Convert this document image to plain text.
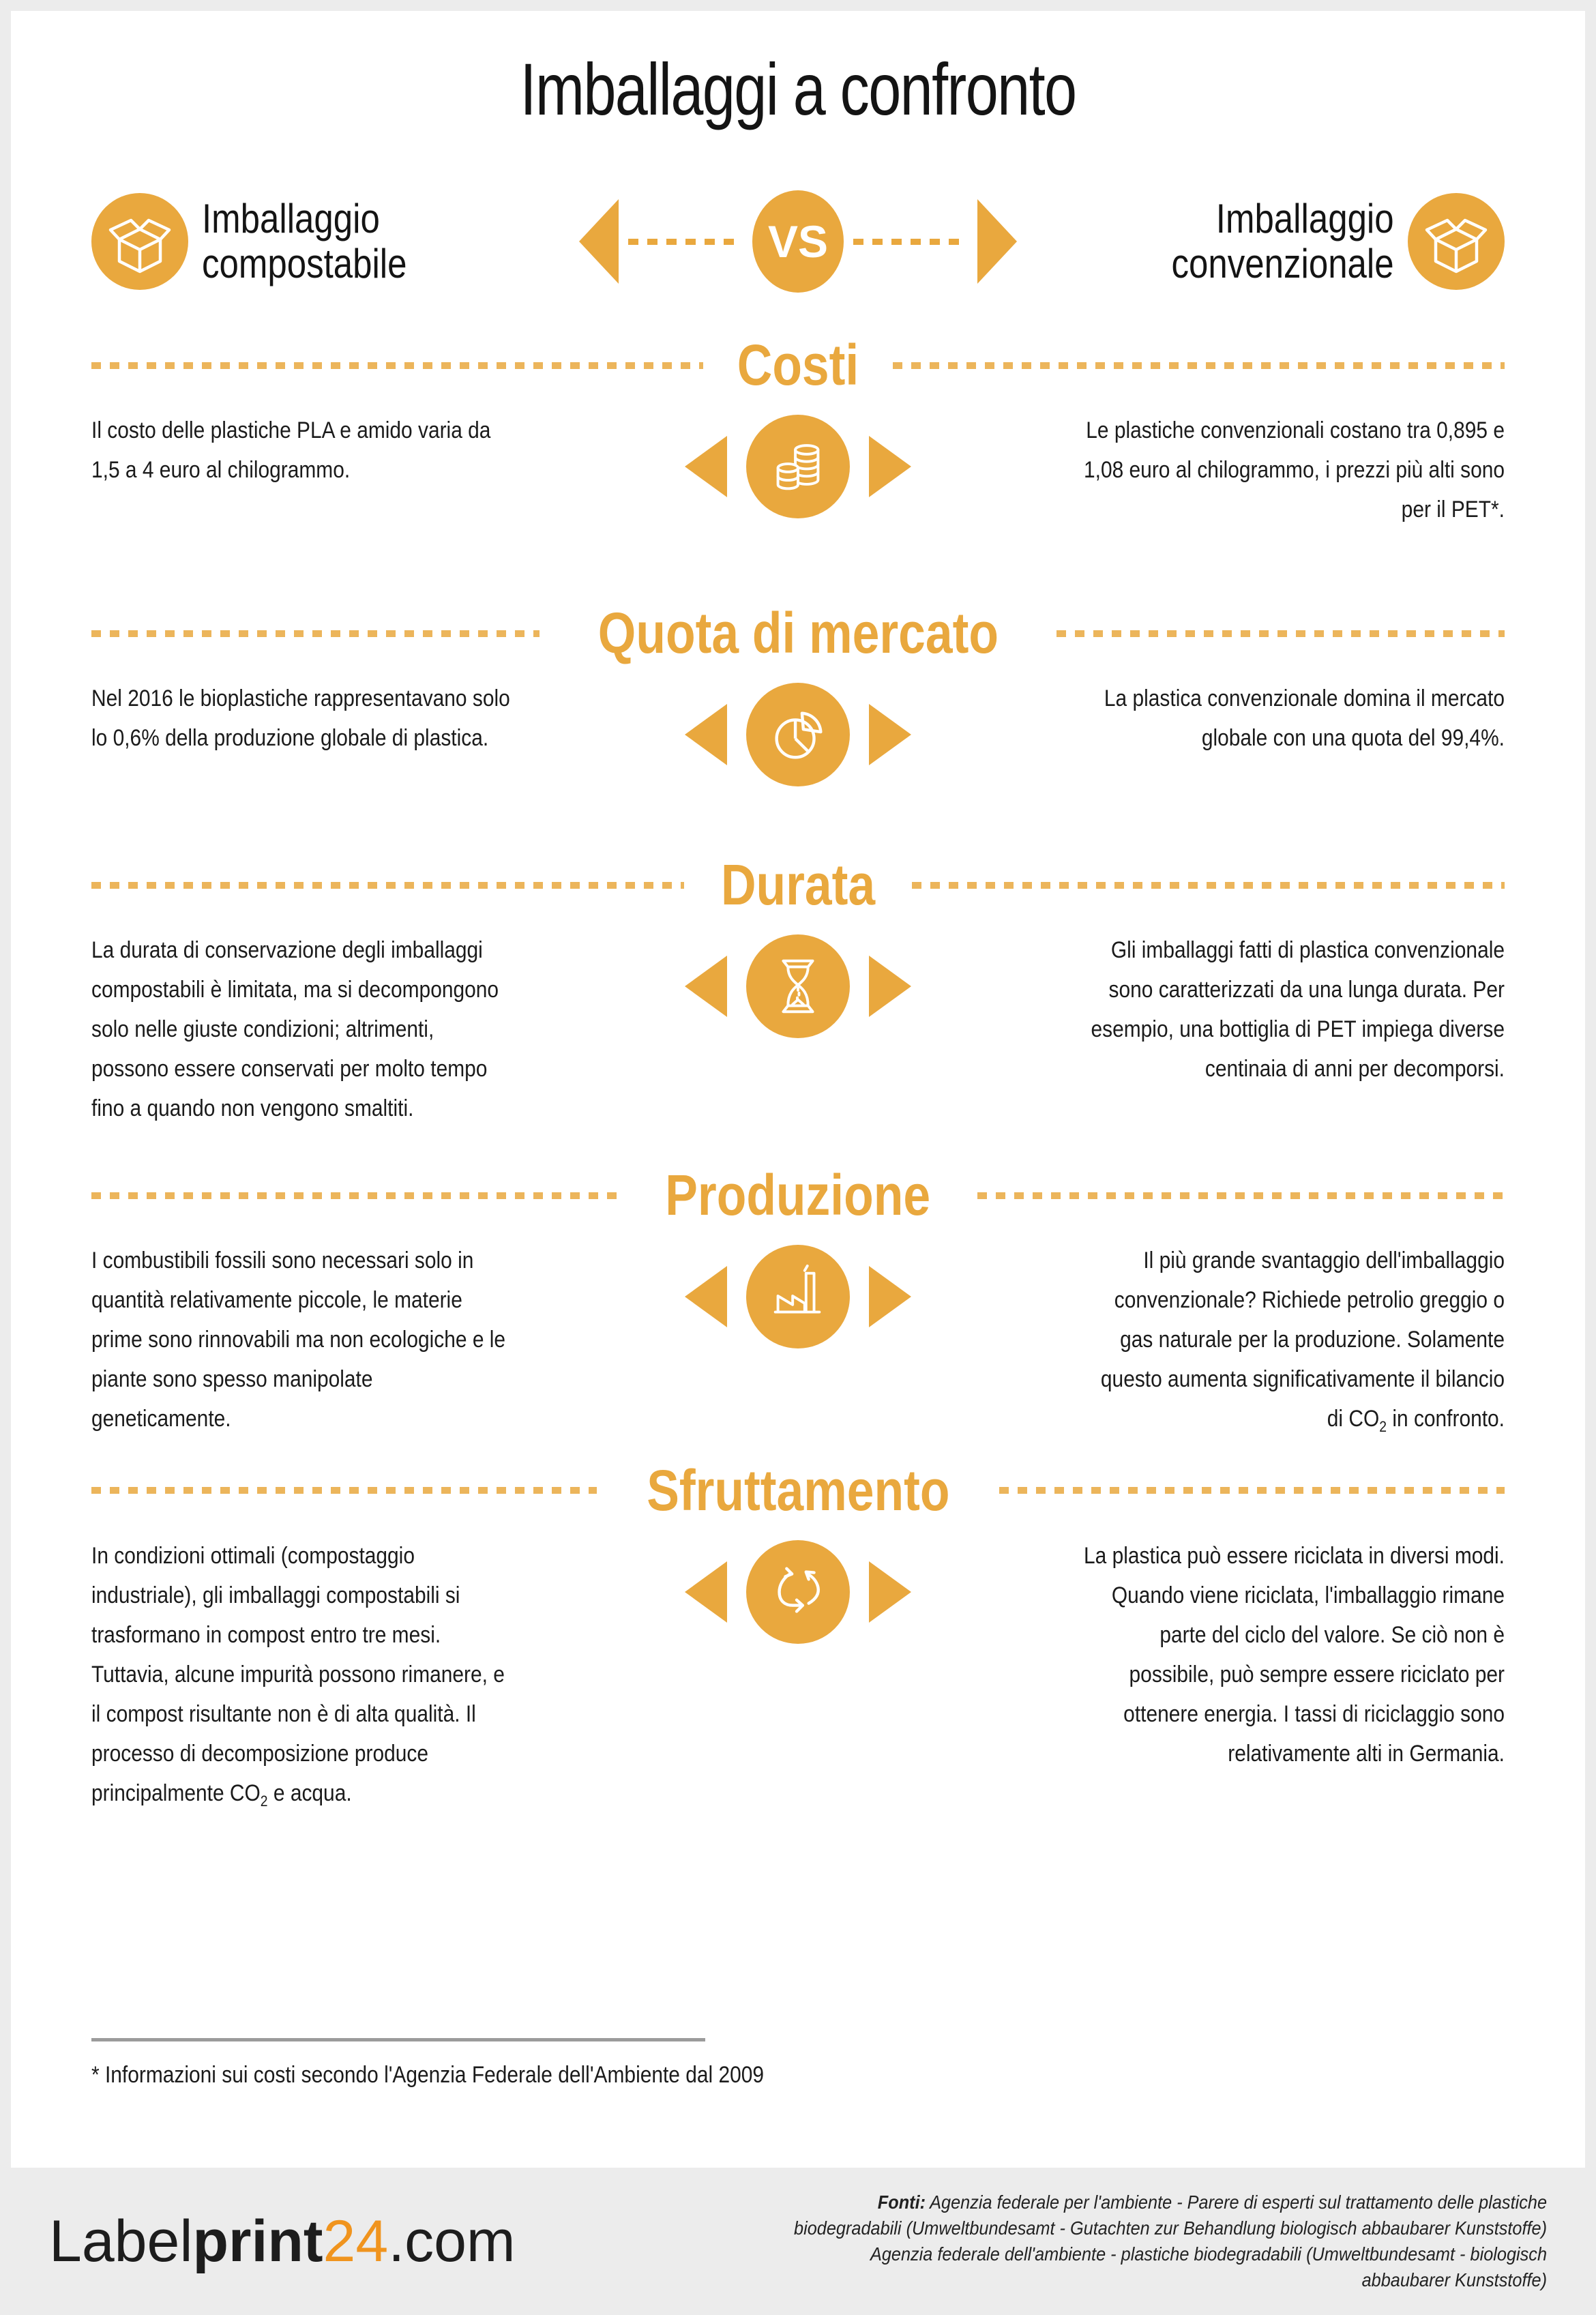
Imballaggi a confronto
Imballaggio
compostabile	VS	Imballaggio
convenzionale
Costi
Il costo delle plastiche PLA e amido varia da 1,5 a 4 euro al chilogrammo.
Le plastiche convenzionali costano tra 0,895 e 1,08 euro al chilogrammo, i prezzi più alti sono per il PET*.
Quota di mercato
Nel 2016 le bioplastiche rappresentavano solo lo 0,6% della produzione globale di plastica.
La plastica convenzionale domina il mercato globale con una quota del 99,4%.
Durata
La durata di conservazione degli imballaggi compostabili è limitata, ma si decompongono solo nelle giuste condizioni; altrimenti, possono essere conservati per molto tempo fino a quando non vengono smaltiti.
Gli imballaggi fatti di plastica convenzionale sono caratterizzati da una lunga durata. Per esempio, una bottiglia di PET impiega diverse centinaia di anni per decomporsi.
Produzione
I combustibili fossili sono necessari solo in quantità relativamente piccole, le materie prime sono rinnovabili ma non ecologiche e le piante sono spesso manipolate geneticamente.
Il più grande svantaggio dell'imballaggio convenzionale? Richiede petrolio greggio o gas naturale per la produzione. Solamente questo aumenta significativamente il bilancio di $CO_2$ in confronto.
Sfruttamento
In condizioni ottimali (compostaggio industriale), gli imballaggi compostabili si trasformano in compost entro tre mesi. Tuttavia, alcune impurità possono rimanere, e il compost risultante non è di alta qualità. Il processo di decomposizione produce principalmente $CO_2$ e acqua.
La plastica può essere riciclata in diversi modi. Quando viene riciclata, l'imballaggio rimane parte del ciclo del valore. Se ciò non è possibile, può sempre essere riciclato per ottenere energia. I tassi di riciclaggio sono relativamente alti in Germania.
* Informazioni sui costi secondo l'Agenzia Federale dell'Ambiente dal 2009
Labelprint24.com
Fonti: Agenzia federale per l'ambiente - Parere di esperti sul trattamento delle plastiche
biodegradabili (Umweltbundesamt - Gutachten zur Behandlung biologisch abbaubarer Kunststoffe)
Agenzia federale dell'ambiente - plastiche biodegradabili (Umweltbundesamt - biologisch
abbaubarer Kunststoffe)
